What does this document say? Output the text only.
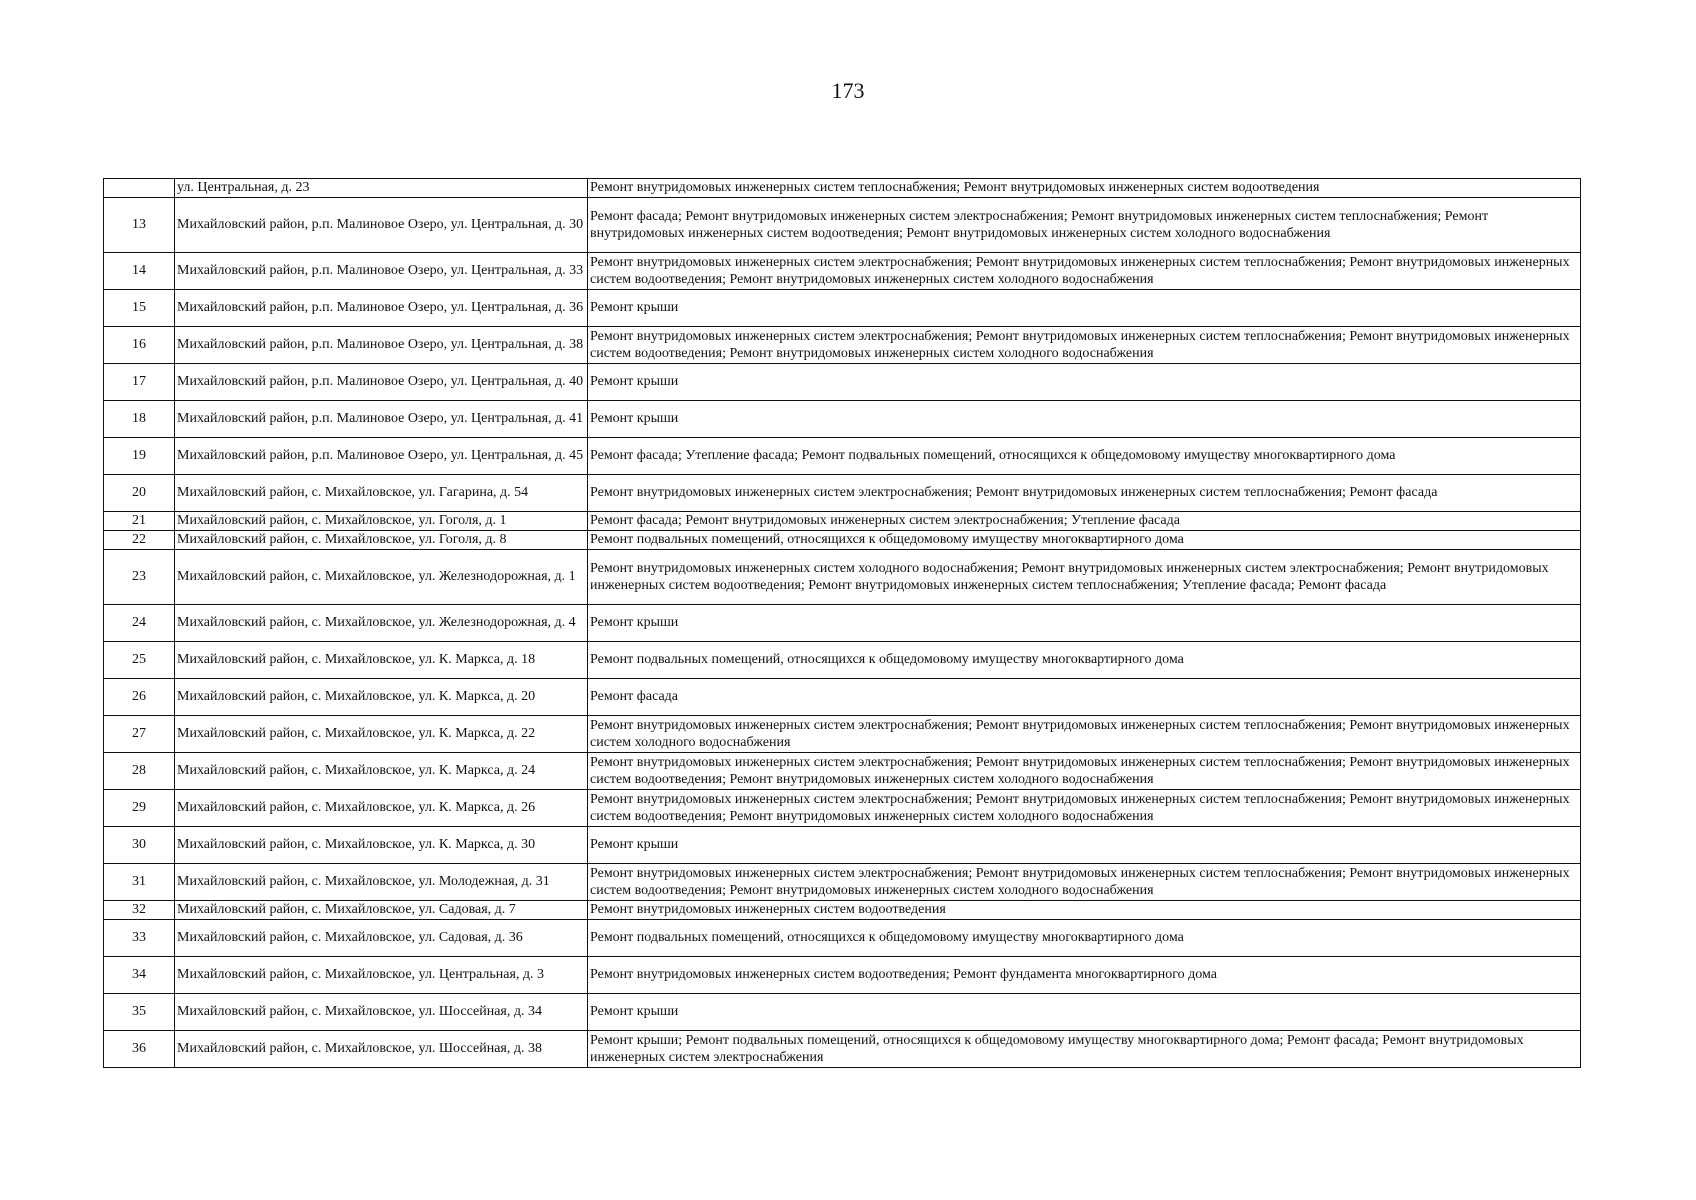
173
	ул. Центральная, д. 23	Ремонт внутридомовых инженерных систем теплоснабжения; Ремонт внутридомовых инженерных систем водоотведения
13	Михайловский район, р.п. Малиновое Озеро, ул. Центральная, д. 30	Ремонт фасада; Ремонт внутридомовых инженерных систем электроснабжения; Ремонт внутридомовых инженерных систем теплоснабжения; Ремонт внутридомовых инженерных систем водоотведения; Ремонт внутридомовых инженерных систем холодного водоснабжения
14	Михайловский район, р.п. Малиновое Озеро, ул. Центральная, д. 33	Ремонт внутридомовых инженерных систем электроснабжения; Ремонт внутридомовых инженерных систем теплоснабжения; Ремонт внутридомовых инженерных систем водоотведения; Ремонт внутридомовых инженерных систем холодного водоснабжения
15	Михайловский район, р.п. Малиновое Озеро, ул. Центральная, д. 36	Ремонт крыши
16	Михайловский район, р.п. Малиновое Озеро, ул. Центральная, д. 38	Ремонт внутридомовых инженерных систем электроснабжения; Ремонт внутридомовых инженерных систем теплоснабжения; Ремонт внутридомовых инженерных систем водоотведения; Ремонт внутридомовых инженерных систем холодного водоснабжения
17	Михайловский район, р.п. Малиновое Озеро, ул. Центральная, д. 40	Ремонт крыши
18	Михайловский район, р.п. Малиновое Озеро, ул. Центральная, д. 41	Ремонт крыши
19	Михайловский район, р.п. Малиновое Озеро, ул. Центральная, д. 45	Ремонт фасада; Утепление фасада; Ремонт подвальных помещений, относящихся к общедомовому имуществу многоквартирного дома
20	Михайловский район, с. Михайловское, ул. Гагарина, д. 54	Ремонт внутридомовых инженерных систем электроснабжения; Ремонт внутридомовых инженерных систем теплоснабжения; Ремонт фасада
21	Михайловский район, с. Михайловское, ул. Гоголя, д. 1	Ремонт фасада; Ремонт внутридомовых инженерных систем электроснабжения; Утепление фасада
22	Михайловский район, с. Михайловское, ул. Гоголя, д. 8	Ремонт подвальных помещений, относящихся к общедомовому имуществу многоквартирного дома
23	Михайловский район, с. Михайловское, ул. Железнодорожная, д. 1	Ремонт внутридомовых инженерных систем холодного водоснабжения; Ремонт внутридомовых инженерных систем электроснабжения; Ремонт внутридомовых инженерных систем водоотведения; Ремонт внутридомовых инженерных систем теплоснабжения; Утепление фасада; Ремонт фасада
24	Михайловский район, с. Михайловское, ул. Железнодорожная, д. 4	Ремонт крыши
25	Михайловский район, с. Михайловское, ул. К. Маркса, д. 18	Ремонт подвальных помещений, относящихся к общедомовому имуществу многоквартирного дома
26	Михайловский район, с. Михайловское, ул. К. Маркса, д. 20	Ремонт фасада
27	Михайловский район, с. Михайловское, ул. К. Маркса, д. 22	Ремонт внутридомовых инженерных систем электроснабжения; Ремонт внутридомовых инженерных систем теплоснабжения; Ремонт внутридомовых инженерных систем холодного водоснабжения
28	Михайловский район, с. Михайловское, ул. К. Маркса, д. 24	Ремонт внутридомовых инженерных систем электроснабжения; Ремонт внутридомовых инженерных систем теплоснабжения; Ремонт внутридомовых инженерных систем водоотведения; Ремонт внутридомовых инженерных систем холодного водоснабжения
29	Михайловский район, с. Михайловское, ул. К. Маркса, д. 26	Ремонт внутридомовых инженерных систем электроснабжения; Ремонт внутридомовых инженерных систем теплоснабжения; Ремонт внутридомовых инженерных систем водоотведения; Ремонт внутридомовых инженерных систем холодного водоснабжения
30	Михайловский район, с. Михайловское, ул. К. Маркса, д. 30	Ремонт крыши
31	Михайловский район, с. Михайловское, ул. Молодежная, д. 31	Ремонт внутридомовых инженерных систем электроснабжения; Ремонт внутридомовых инженерных систем теплоснабжения; Ремонт внутридомовых инженерных систем водоотведения; Ремонт внутридомовых инженерных систем холодного водоснабжения
32	Михайловский район, с. Михайловское, ул. Садовая, д. 7	Ремонт внутридомовых инженерных систем водоотведения
33	Михайловский район, с. Михайловское, ул. Садовая, д. 36	Ремонт подвальных помещений, относящихся к общедомовому имуществу многоквартирного дома
34	Михайловский район, с. Михайловское, ул. Центральная, д. 3	Ремонт внутридомовых инженерных систем водоотведения; Ремонт фундамента многоквартирного дома
35	Михайловский район, с. Михайловское, ул. Шоссейная, д. 34	Ремонт крыши
36	Михайловский район, с. Михайловское, ул. Шоссейная, д. 38	Ремонт крыши; Ремонт подвальных помещений, относящихся к общедомовому имуществу многоквартирного дома; Ремонт фасада; Ремонт внутридомовых инженерных систем электроснабжения
